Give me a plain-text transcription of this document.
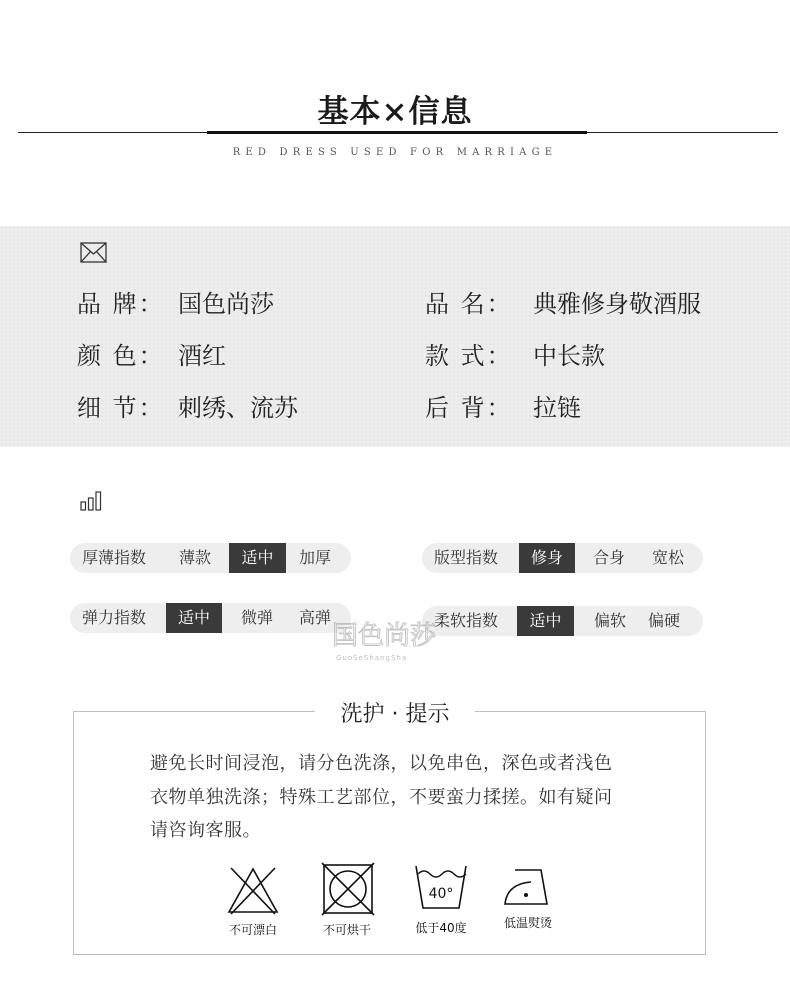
基本×信息
RED DRESS USED FOR MARRIAGE
品 牌： 国色尚莎	品 名： 典雅修身敬酒服
颜 色： 酒红	款 式： 中长款
细 节： 刺绣、流苏	后 背： 拉链
厚薄指数 薄款	适中	加厚	版型指数	修身	合身 宽松
弹力指数	适中	微弹 高弹	柔软指数	适中	偏软 偏硬
国色尚莎
GuoSeShangSha
洗护 · 提示
避免长时间浸泡，请分色洗涤，以免串色，深色或者浅色
衣物单独洗涤；特殊工艺部位，不要蛮力揉搓。如有疑问
请咨询客服。
不可漂白	不可烘干
40°
低于40度	低温熨烫
